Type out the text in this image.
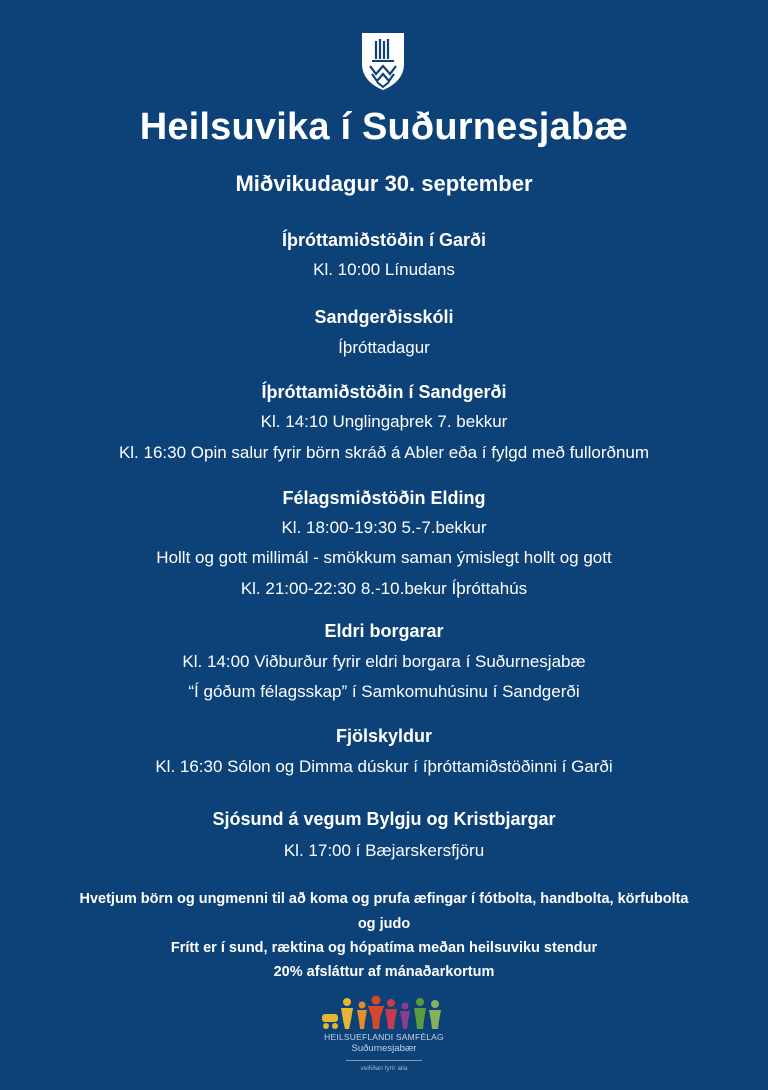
Heilsuvika í Suðurnesjabæ
Miðvikudagur 30. september
Íþróttamiðstöðin í Garði
Kl. 10:00 Línudans
Sandgerðisskóli
Íþróttadagur
Íþróttamiðstöðin í Sandgerði
Kl. 14:10 Unglingaþrek 7. bekkur
Kl. 16:30 Opin salur fyrir börn skráð á Abler eða í fylgd með fullorðnum
Félagsmiðstöðin Elding
Kl. 18:00-19:30 5.-7.bekkur
Hollt og gott millimál - smökkum saman ýmislegt hollt og gott
Kl. 21:00-22:30 8.-10.bekur Íþróttahús
Eldri borgarar
Kl. 14:00 Viðburður fyrir eldri borgara í Suðurnesjabæ
“Í góðum félagsskap” í Samkomuhúsinu í Sandgerði
Fjölskyldur
Kl. 16:30 Sólon og Dimma dúskur í íþróttamiðstöðinni í Garði
Sjósund á vegum Bylgju og Kristbjargar
Kl. 17:00 í Bæjarskersfjöru
Hvetjum börn og ungmenni til að koma og prufa æfingar í fótbolta, handbolta, körfubolta
og judo
Frítt er í sund, ræktina og hópatíma meðan heilsuviku stendur
20% afsláttur af mánaðarkortum
HEILSUEFLANDI SAMFÉLAG
Suðurnesjabær
vellíðan fyrir alla
